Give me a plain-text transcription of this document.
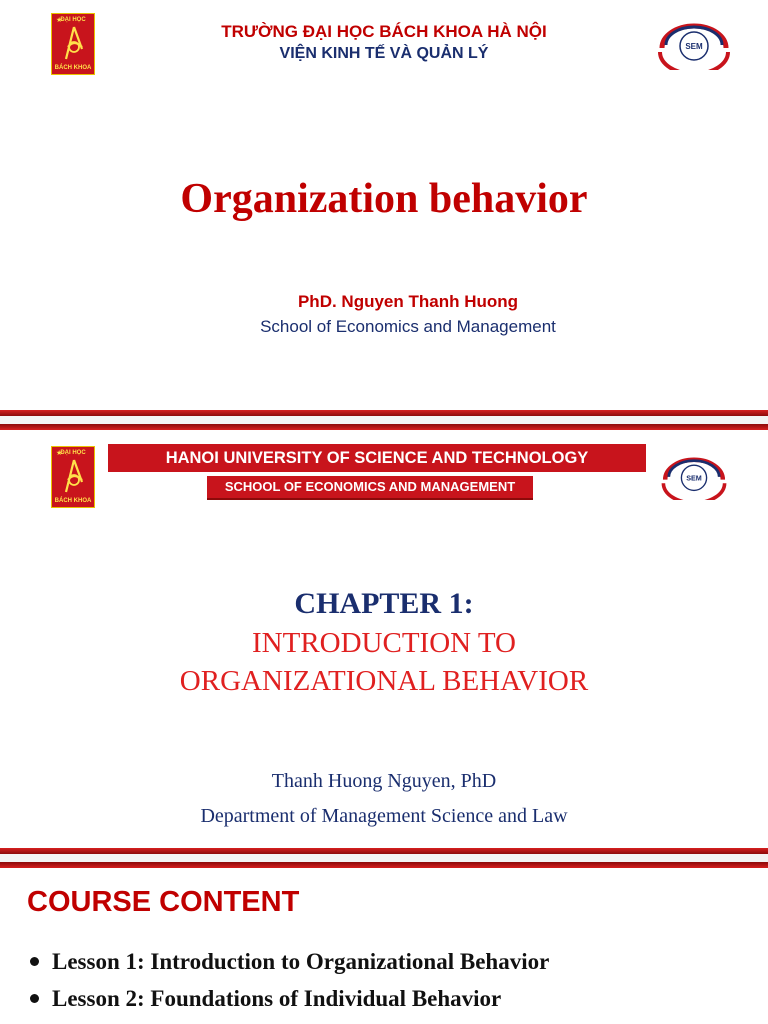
★
ĐẠI HỌC
BÁCH KHOA
TRƯỜNG ĐẠI HỌC BÁCH KHOA HÀ NỘI
VIỆN KINH TẾ VÀ QUẢN LÝ	SEM
Organization behavior
PhD. Nguyen Thanh Huong
School of Economics and Management
★
ĐẠI HỌC
BÁCH KHOA
HANOI UNIVERSITY OF SCIENCE AND TECHNOLOGY
SCHOOL OF ECONOMICS AND MANAGEMENT
SEM
CHAPTER 1:
INTRODUCTION TO
ORGANIZATIONAL BEHAVIOR
Thanh Huong Nguyen, PhD
Department of Management Science and Law
COURSE CONTENT
Lesson 1: Introduction to Organizational Behavior
Lesson 2: Foundations of Individual Behavior
